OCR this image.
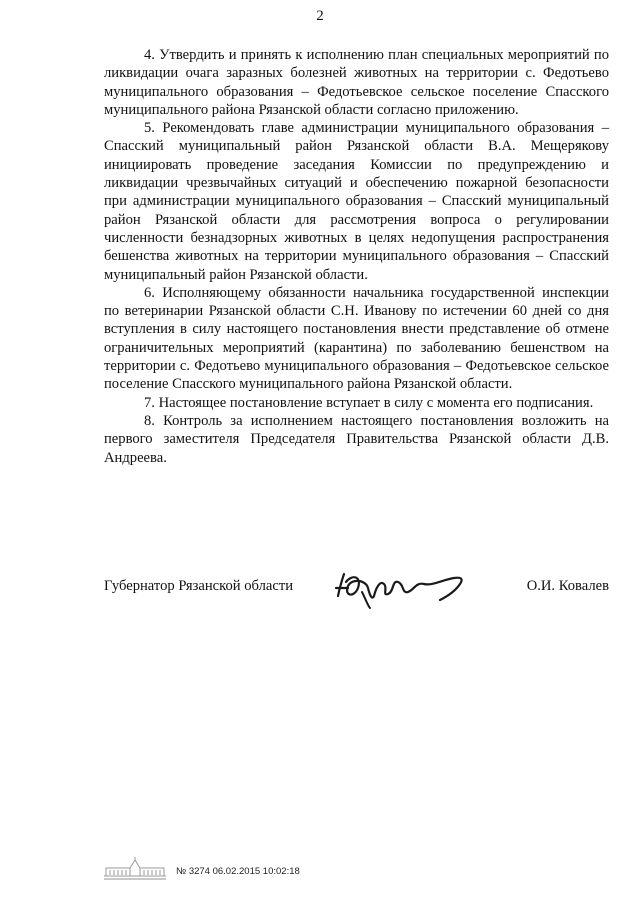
2

4. Утвердить и принять к исполнению план специальных мероприятий по ликвидации очага заразных болезней животных на территории с. Федотьево муниципального образования – Федотьевское сельское поселение Спасского муниципального района Рязанской области согласно приложению.

5. Рекомендовать главе администрации муниципального образования – Спасский муниципальный район Рязанской области В.А. Мещерякову инициировать проведение заседания Комиссии по предупреждению и ликвидации чрезвычайных ситуаций и обеспечению пожарной безопасности при администрации муниципального образования – Спасский муниципальный район Рязанской области для рассмотрения вопроса о регулировании численности безнадзорных животных в целях недопущения распространения бешенства животных на территории муниципального образования – Спасский муниципальный район Рязанской области.

6. Исполняющему обязанности начальника государственной инспекции по ветеринарии Рязанской области С.Н. Иванову по истечении 60 дней со дня вступления в силу настоящего постановления внести представление об отмене ограничительных мероприятий (карантина) по заболеванию бешенством на территории с. Федотьево муниципального образования – Федотьевское сельское поселение Спасского муниципального района Рязанской области.

7. Настоящее постановление вступает в силу с момента его подписания.

8. Контроль за исполнением настоящего постановления возложить на первого заместителя Председателя Правительства Рязанской области Д.В. Андреева.

Губернатор Рязанской области	О.И. Ковалев
№ 3274 06.02.2015 10:02:18
